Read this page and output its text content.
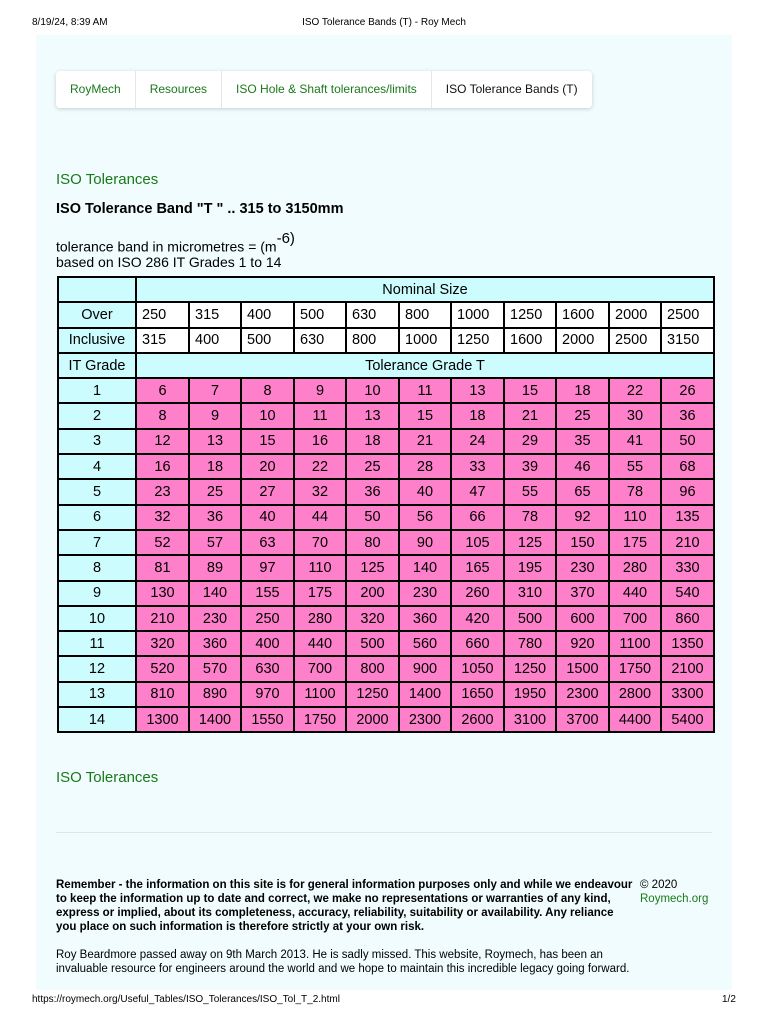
8/19/24, 8:39 AM	ISO Tolerance Bands (T) - Roy Mech
RoyMech	Resources	ISO Hole & Shaft tolerances/limits	ISO Tolerance Bands (T)
ISO Tolerances
ISO Tolerance Band "T " .. 315 to 3150mm
tolerance band in micrometres = ($m^{-6)}$
based on ISO 286 IT Grades 1 to 14
	Nominal Size										
Over	250	315	400	500	630	800	1000	1250	1600	2000	2500
Inclusive	315	400	500	630	800	1000	1250	1600	2000	2500	3150
IT Grade	Tolerance Grade T										
1	6	7	8	9	10	11	13	15	18	22	26
2	8	9	10	11	13	15	18	21	25	30	36
3	12	13	15	16	18	21	24	29	35	41	50
4	16	18	20	22	25	28	33	39	46	55	68
5	23	25	27	32	36	40	47	55	65	78	96
6	32	36	40	44	50	56	66	78	92	110	135
7	52	57	63	70	80	90	105	125	150	175	210
8	81	89	97	110	125	140	165	195	230	280	330
9	130	140	155	175	200	230	260	310	370	440	540
10	210	230	250	280	320	360	420	500	600	700	860
11	320	360	400	440	500	560	660	780	920	1100	1350
12	520	570	630	700	800	900	1050	1250	1500	1750	2100
13	810	890	970	1100	1250	1400	1650	1950	2300	2800	3300
14	1300	1400	1550	1750	2000	2300	2600	3100	3700	4400	5400
ISO Tolerances
Remember - the information on this site is for general information purposes only and while we endeavour to keep the information up to date and correct, we make no representations or warranties of any kind, express or implied, about its completeness, accuracy, reliability, suitability or availability. Any reliance you place on such information is therefore strictly at your own risk.
© 2020
Roymech.org
Roy Beardmore passed away on 9th March 2013. He is sadly missed. This website, Roymech, has been an invaluable resource for engineers around the world and we hope to maintain this incredible legacy going forward.
https://roymech.org/Useful_Tables/ISO_Tolerances/ISO_Tol_T_2.html	1/2
